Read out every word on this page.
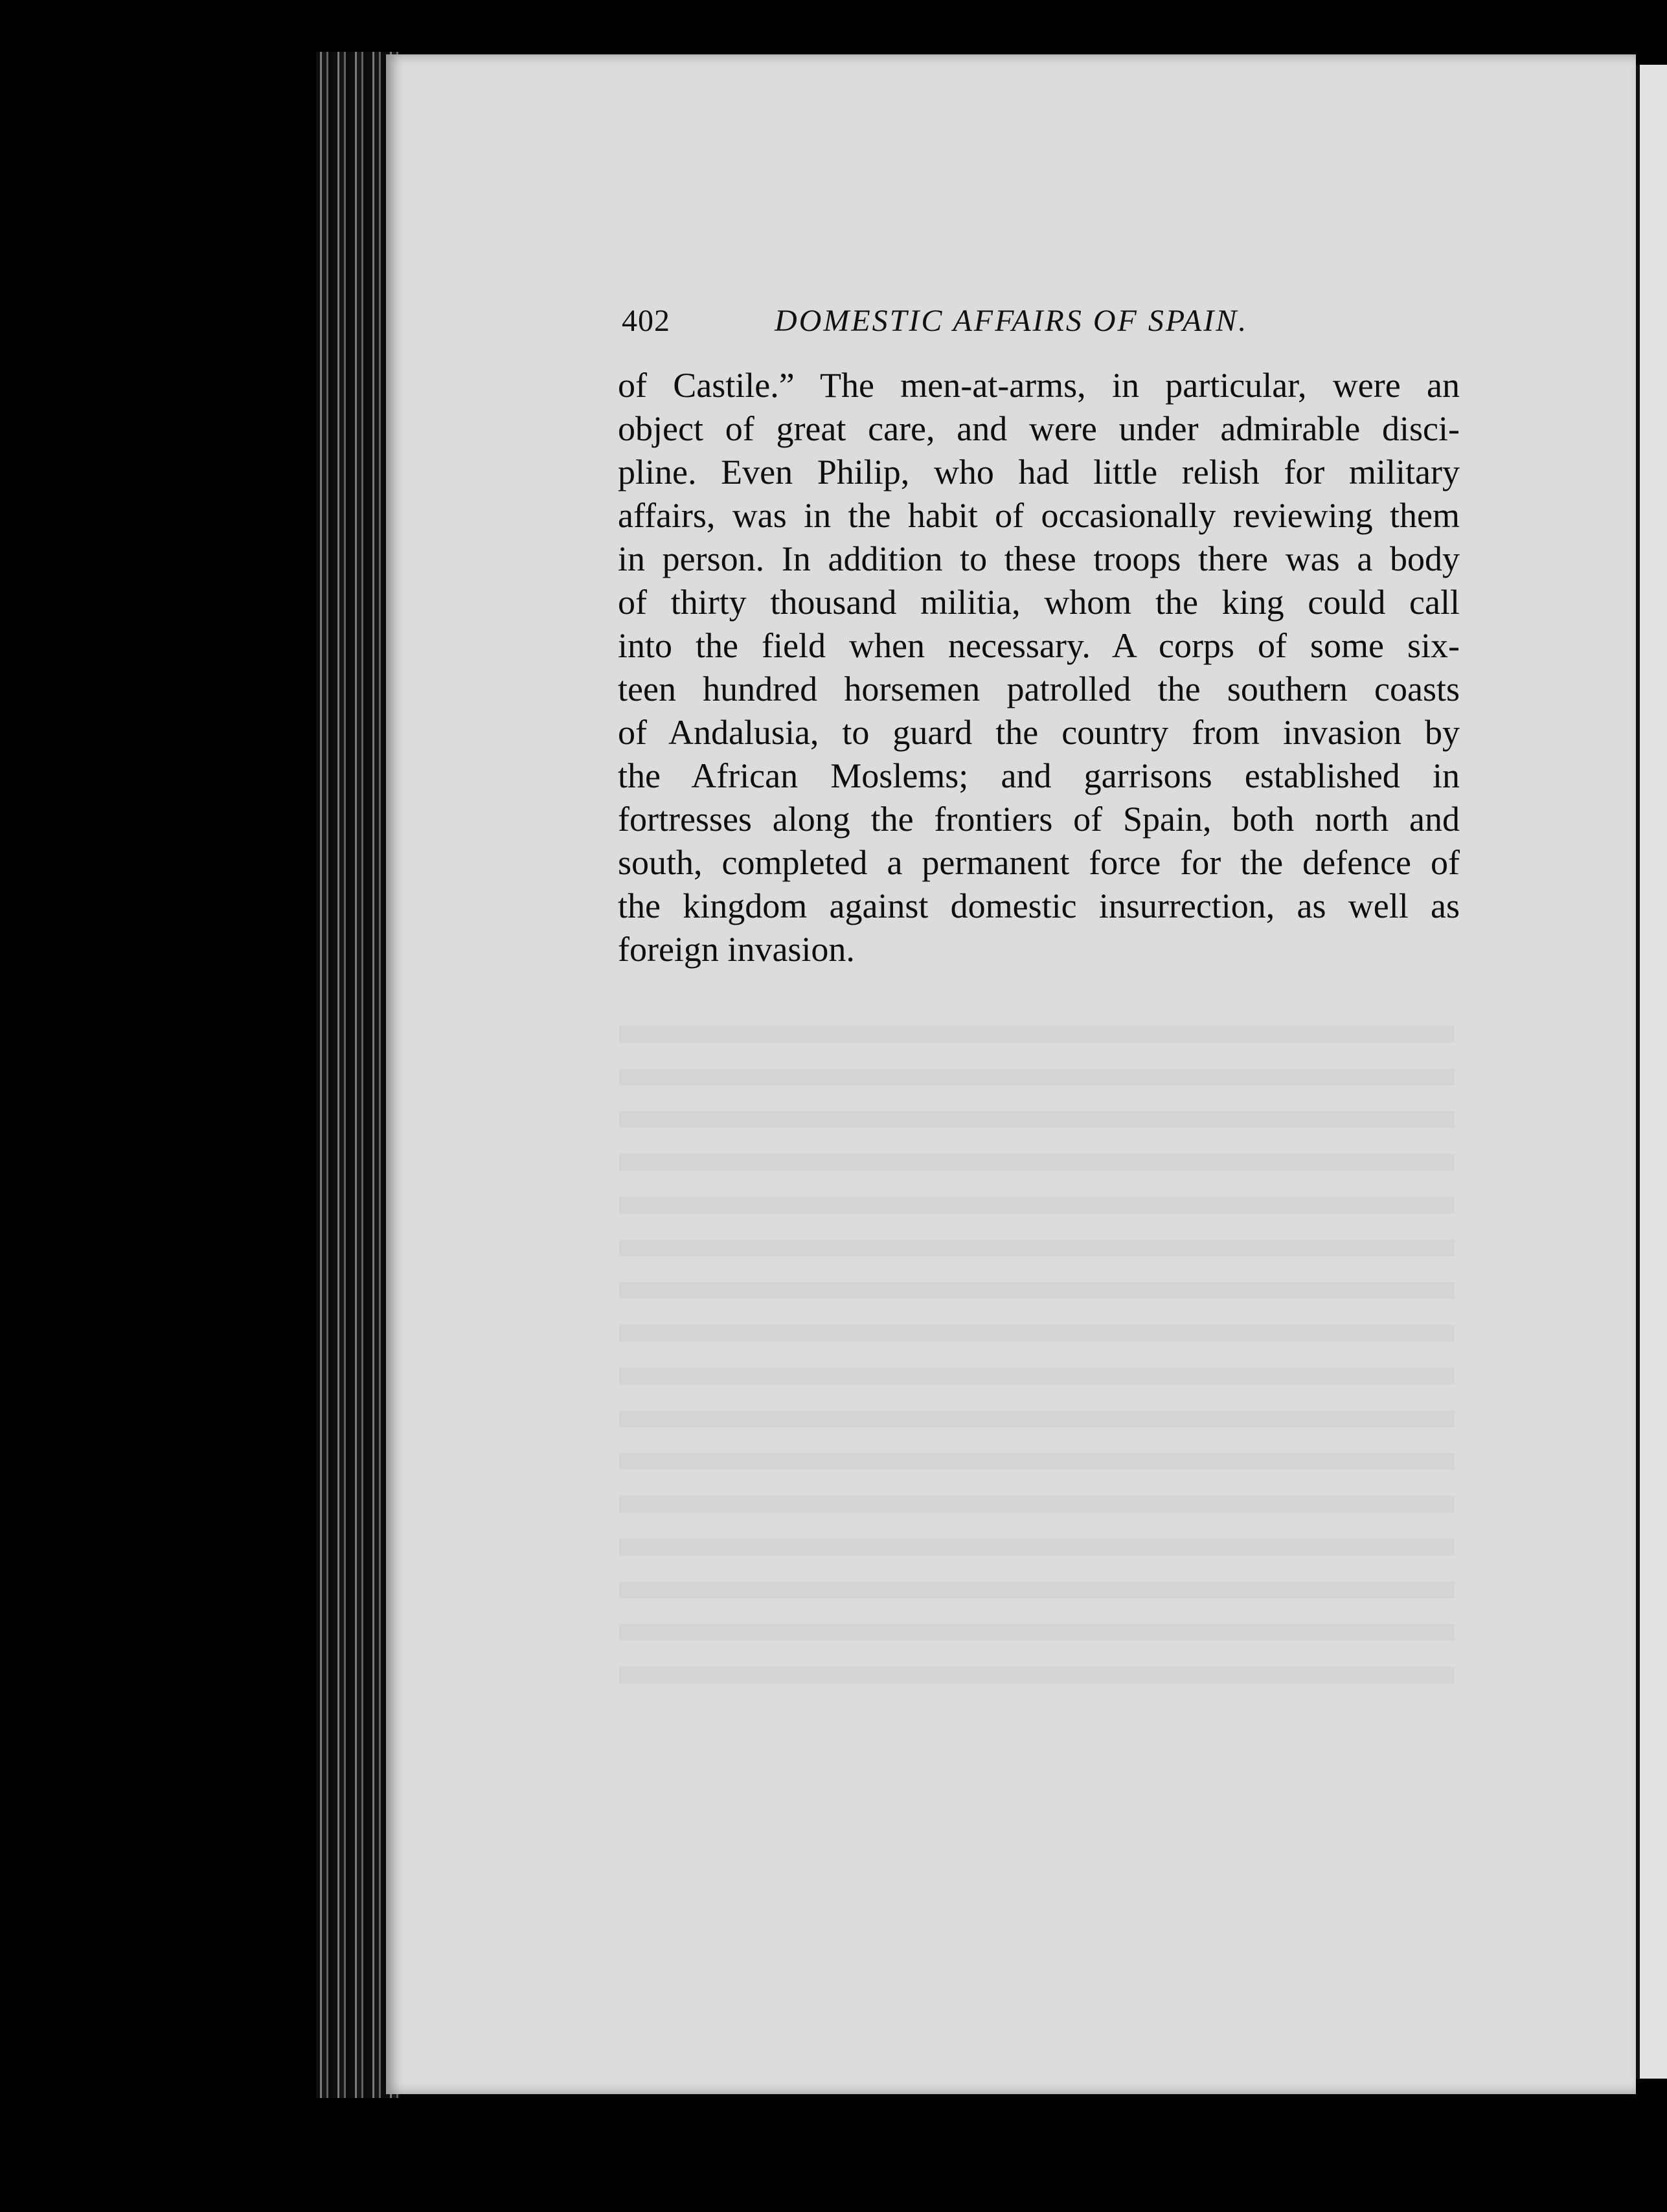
402	DOMESTIC AFFAIRS OF SPAIN.
of Castile.” The men-at-arms, in particular, were an
object of great care, and were under admirable disci-
pline. Even Philip, who had little relish for military
affairs, was in the habit of occasionally reviewing them
in person. In addition to these troops there was a body
of thirty thousand militia, whom the king could call
into the field when necessary. A corps of some six-
teen hundred horsemen patrolled the southern coasts
of Andalusia, to guard the country from invasion by
the African Moslems; and garrisons established in
fortresses along the frontiers of Spain, both north and
south, completed a permanent force for the defence of
the kingdom against domestic insurrection, as well as
foreign invasion.
